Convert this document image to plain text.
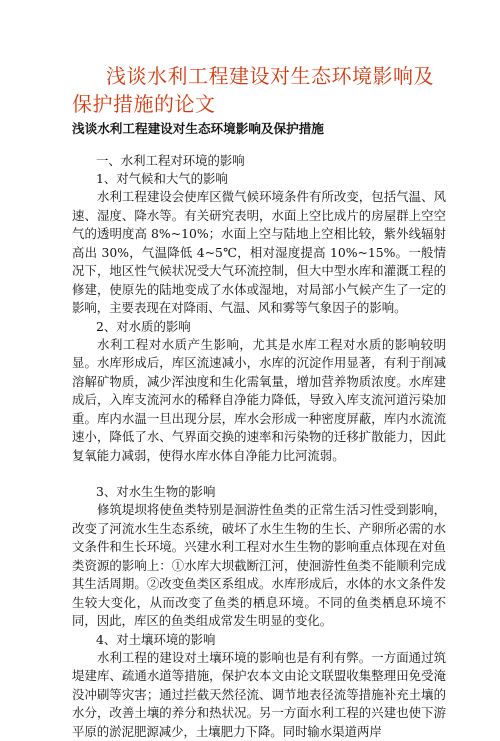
浅谈水利工程建设对生态环境影响及保护措施的论文
浅谈水利工程建设对生态环境影响及保护措施
一、水利工程对环境的影响
1、对气候和大气的影响

水利工程建设会使库区微气候环境条件有所改变，包括气温、风速、湿度、降水等。有关研究表明，水面上空比成片的房屋群上空空气的透明度高 8%~10%；水面上空与陆地上空相比较，紫外线辐射高出 30%，气温降低 4~5℃，相对湿度提高 10%~15%。一般情况下，地区性气候状况受大气环流控制，但大中型水库和灌溉工程的修建，使原先的陆地变成了水体或湿地，对局部小气候产生了一定的影响，主要表现在对降雨、气温、风和雾等气象因子的影响。

2、对水质的影响

水利工程对水质产生影响，尤其是水库工程对水质的影响较明显。水库形成后，库区流速减小，水库的沉淀作用显著，有利于削减溶解矿物质，减少浑浊度和生化需氧量，增加营养物质浓度。水库建成后，入库支流河水的稀释自净能力降低，导致入库支流河道污染加重。库内水温一旦出现分层，库水会形成一种密度屏蔽，库内水流流速小，降低了水、气界面交换的速率和污染物的迁移扩散能力，因此复氧能力减弱，使得水库水体自净能力比河流弱。

3、对水生生物的影响

修筑堤坝将使鱼类特别是洄游性鱼类的正常生活习性受到影响，改变了河流水生生态系统，破坏了水生生物的生长、产卵所必需的水文条件和生长环境。兴建水利工程对水生生物的影响重点体现在对鱼类资源的影响上：①水库大坝截断江河，使洄游性鱼类不能顺利完成其生活周期。②改变鱼类区系组成。水库形成后，水体的水文条件发生较大变化，从而改变了鱼类的栖息环境。不同的鱼类栖息环境不同，因此，库区的鱼类组成常发生明显的变化。

4、对土壤环境的影响

水利工程的建设对土壤环境的影响也是有利有弊。一方面通过筑堤建库、疏通水道等措施，保护农本文由论文联盟收集整理田免受淹没冲刷等灾害；通过拦截天然径流、调节地表径流等措施补充土壤的水分，改善土壤的养分和热状况。另一方面水利工程的兴建也使下游平原的淤泥肥源减少，土壤肥力下降。同时输水渠道两岸
